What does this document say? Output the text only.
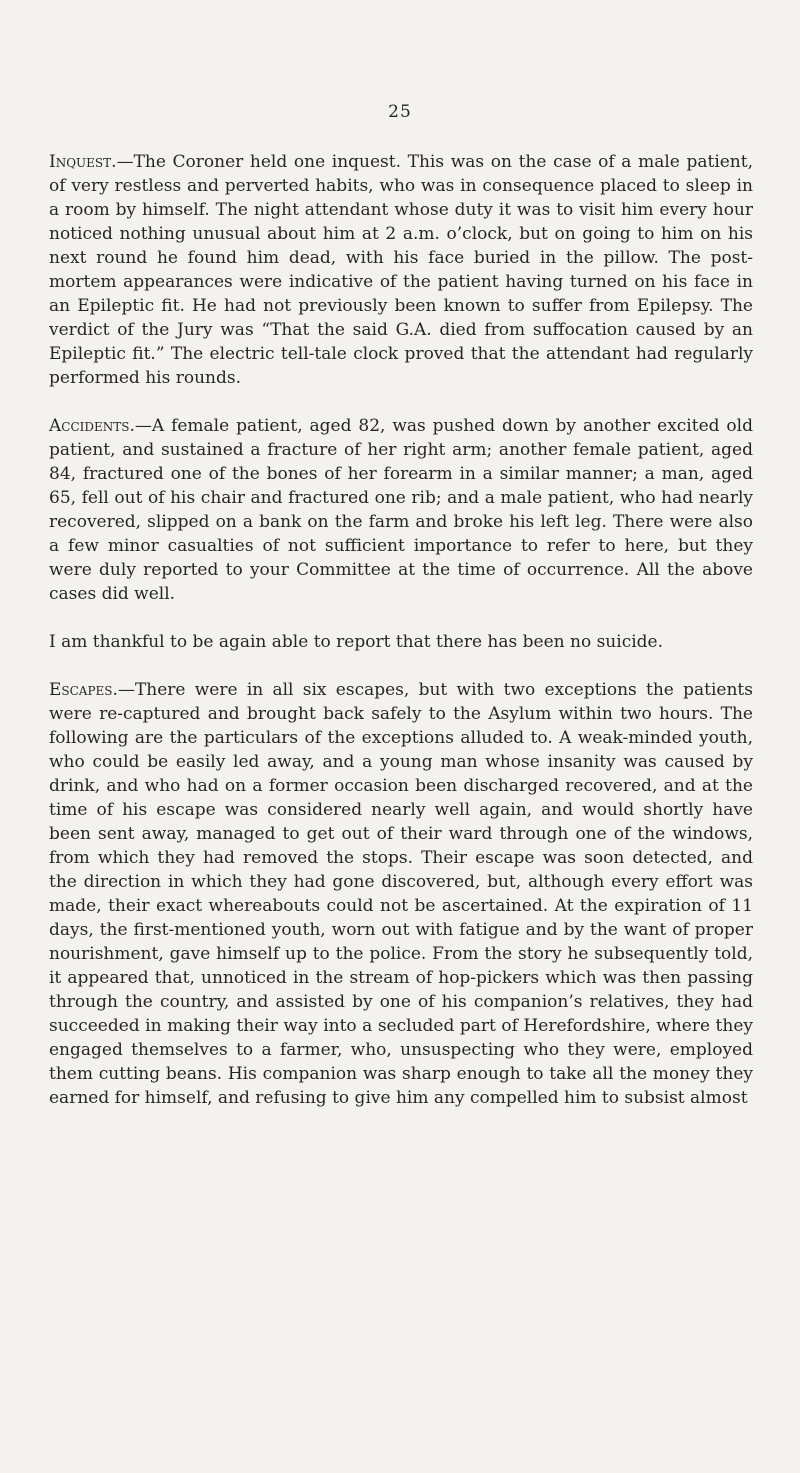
25

Inquest.—The Coroner held one inquest. This was on the case of a male patient, of very restless and perverted habits, who was in consequence placed to sleep in a room by himself. The night attendant whose duty it was to visit him every hour noticed nothing unusual about him at 2 a.m. o’clock, but on going to him on his next round he found him dead, with his face buried in the pillow. The post-mortem appearances were indicative of the patient having turned on his face in an Epileptic fit. He had not previously been known to suffer from Epilepsy. The verdict of the Jury was “That the said G.A. died from suffocation caused by an Epileptic fit.” The electric tell-tale clock proved that the attendant had regularly performed his rounds.

Accidents.—A female patient, aged 82, was pushed down by another excited old patient, and sustained a fracture of her right arm; another female patient, aged 84, fractured one of the bones of her forearm in a similar manner; a man, aged 65, fell out of his chair and fractured one rib; and a male patient, who had nearly recovered, slipped on a bank on the farm and broke his left leg. There were also a few minor casualties of not sufficient importance to refer to here, but they were duly reported to your Committee at the time of occurrence. All the above cases did well.

I am thankful to be again able to report that there has been no suicide.

Escapes.—There were in all six escapes, but with two exceptions the patients were re-captured and brought back safely to the Asylum within two hours. The following are the particulars of the exceptions alluded to. A weak-minded youth, who could be easily led away, and a young man whose insanity was caused by drink, and who had on a former occasion been discharged recovered, and at the time of his escape was considered nearly well again, and would shortly have been sent away, managed to get out of their ward through one of the windows, from which they had removed the stops. Their escape was soon detected, and the direction in which they had gone discovered, but, although every effort was made, their exact whereabouts could not be ascertained. At the expiration of 11 days, the first-mentioned youth, worn out with fatigue and by the want of proper nourishment, gave himself up to the police. From the story he subsequently told, it appeared that, unnoticed in the stream of hop-pickers which was then passing through the country, and assisted by one of his companion’s relatives, they had succeeded in making their way into a secluded part of Herefordshire, where they engaged themselves to a farmer, who, unsuspecting who they were, employed them cutting beans. His companion was sharp enough to take all the money they earned for himself, and refusing to give him any compelled him to subsist almost
